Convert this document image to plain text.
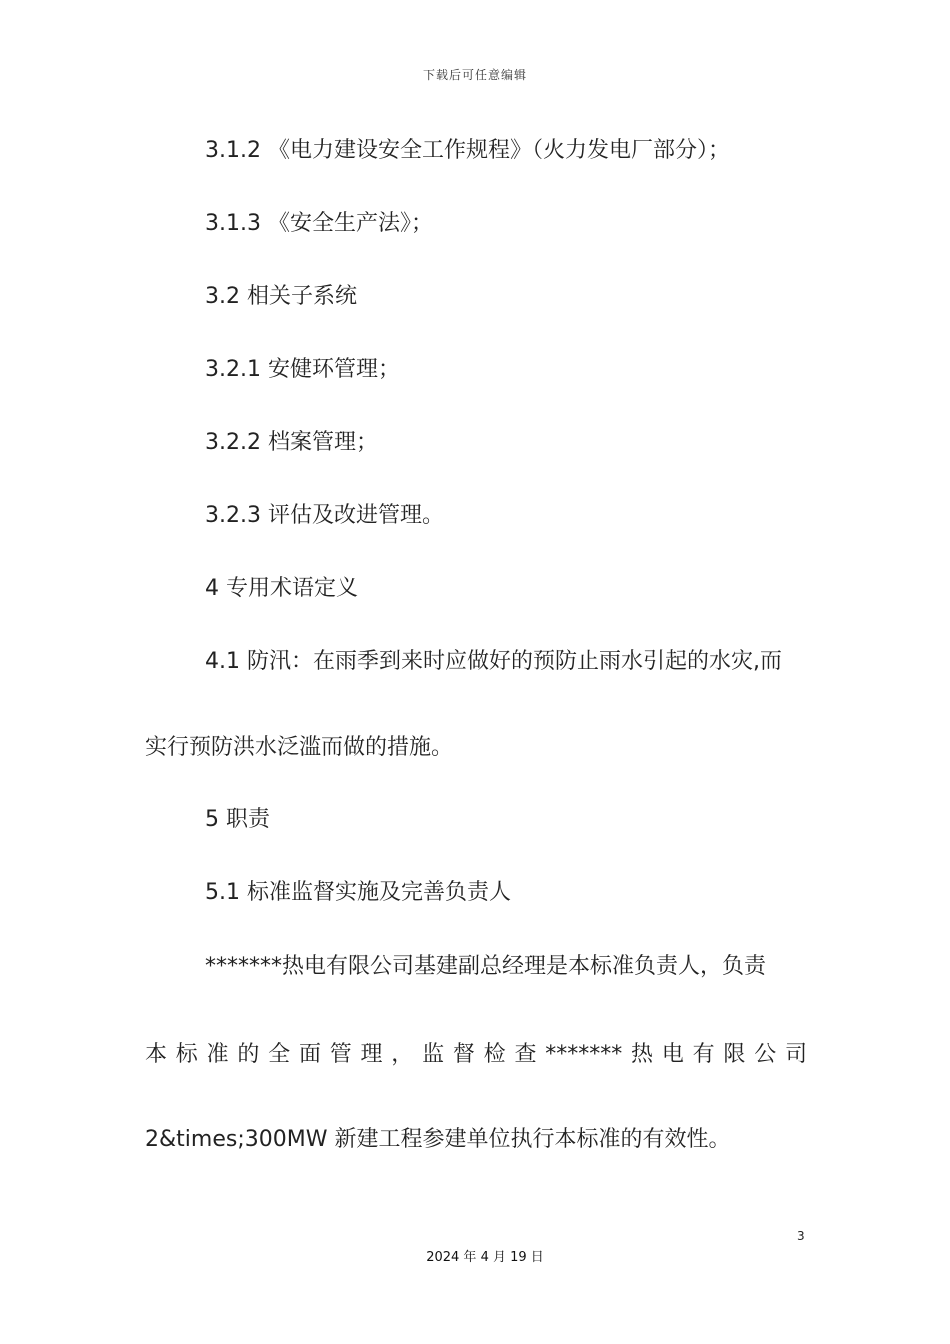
下载后可任意编辑
3.1.2 《电力建设安全工作规程》（火力发电厂部分）；
3.1.3 《安全生产法》；
3.2 相关子系统
3.2.1 安健环管理；
3.2.2 档案管理；
3.2.3 评估及改进管理。
4 专用术语定义
4.1 防汛：在雨季到来时应做好的预防止雨水引起的水灾,而
实行预防洪水泛滥而做的措施。
5 职责
5.1 标准监督实施及完善负责人
*******热电有限公司基建副总经理是本标准负责人，负责
本标准的全面管理，监督检查*******热电有限公司
2&times;300MW 新建工程参建单位执行本标准的有效性。
3
2024 年 4 月 19 日
